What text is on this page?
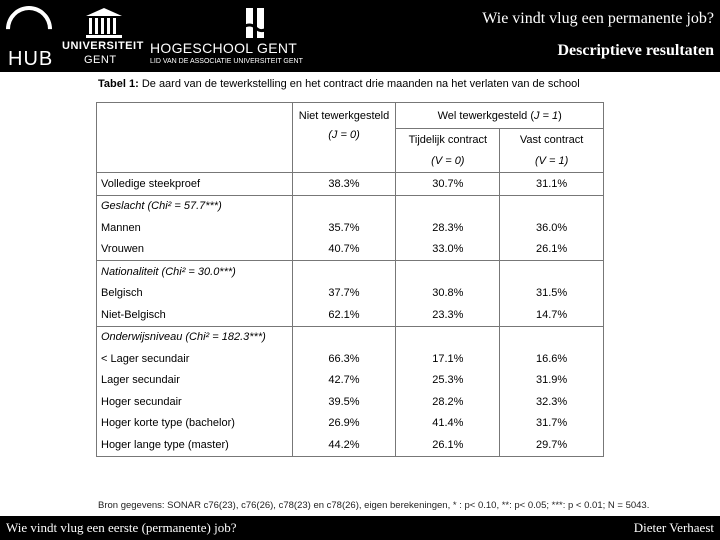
HUB
UNIVERSITEIT
GENT
HOGESCHOOL GENT
LID VAN DE ASSOCIATIE UNIVERSITEIT GENT
Wie vindt vlug een permanente job?
Descriptieve resultaten
Tabel 1: De aard van de tewerkstelling en het contract drie maanden na het verlaten van de school
	Niet tewerkgesteld	Wel tewerkgesteld (J = 1)	
	(J = 0)	Tijdelijk contract	Vast contract
		(V = 0)	(V = 1)
Volledige steekproef	38.3%	30.7%	31.1%
Geslacht (Chi² = 57.7***)			
Mannen	35.7%	28.3%	36.0%
Vrouwen	40.7%	33.0%	26.1%
Nationaliteit (Chi² = 30.0***)			
Belgisch	37.7%	30.8%	31.5%
Niet-Belgisch	62.1%	23.3%	14.7%
Onderwijsniveau (Chi² = 182.3***)			
< Lager secundair	66.3%	17.1%	16.6%
Lager secundair	42.7%	25.3%	31.9%
Hoger secundair	39.5%	28.2%	32.3%
Hoger korte type (bachelor)	26.9%	41.4%	31.7%
Hoger lange type (master)	44.2%	26.1%	29.7%
Bron gegevens: SONAR c76(23), c76(26), c78(23) en c78(26), eigen berekeningen, * : p< 0.10, **: p< 0.05; ***: p < 0.01; N = 5043.
Wie vindt vlug een eerste (permanente) job?	Dieter Verhaest
